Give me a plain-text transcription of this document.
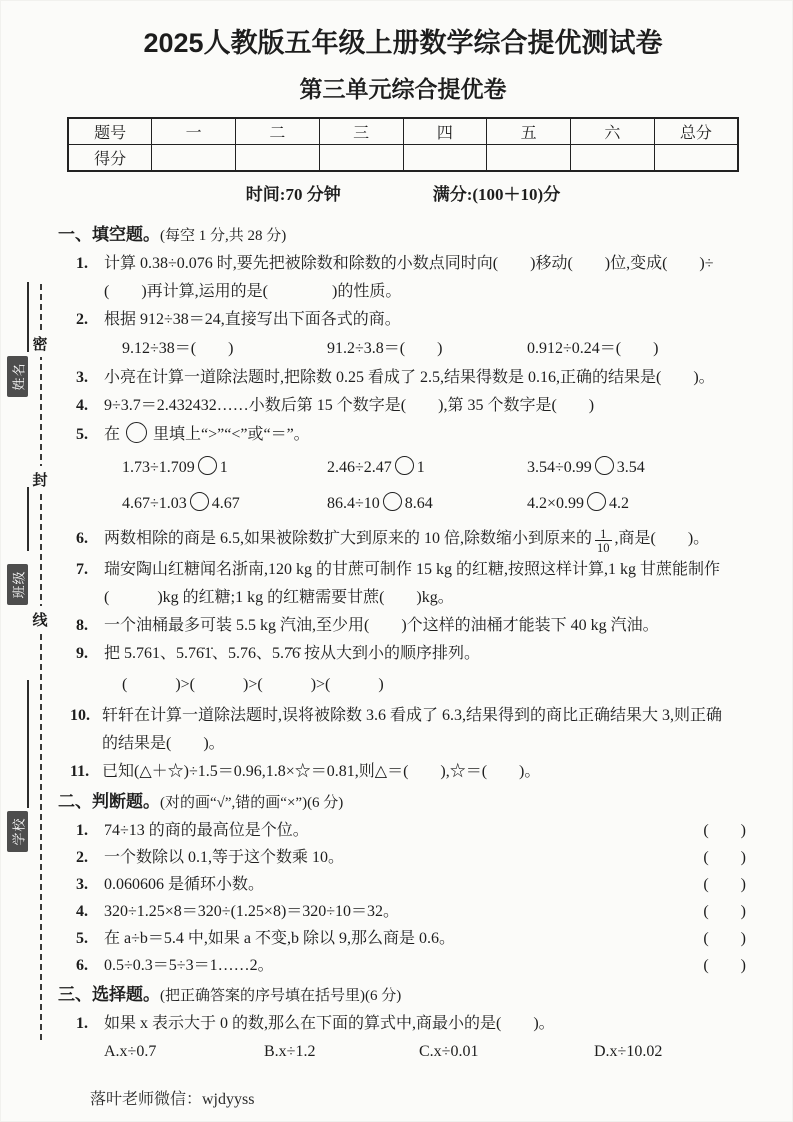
密
封
线
姓名
班级
学校
2025人教版五年级上册数学综合提优测试卷
第三单元综合提优卷
题号	一	二	三	四	五	六	总分
得分							
时间:70 分钟	满分:(100＋10)分
一、填空题。(每空 1 分,共 28 分)
1.	计算 0.38÷0.076 时,要先把被除数和除数的小数点同时向(　　)移动(　　)位,变成(　　)÷
(　　)再计算,运用的是(　　　　)的性质。
2.	根据 912÷38＝24,直接写出下面各式的商。
9.12÷38＝(　　)	91.2÷3.8＝(　　)	0.912÷0.24＝(　　)
3.	小亮在计算一道除法题时,把除数 0.25 看成了 2.5,结果得数是 0.16,正确的结果是(　　)。
4.	9÷3.7＝2.432432……小数后第 15 个数字是(　　),第 35 个数字是(　　)
5.	在 里填上“>”“<”或“＝”。
1.73÷1.709 1	2.46÷2.47 1	3.54÷0.99 3.54
4.67÷1.03 4.67	86.4÷10 8.64	4.2×0.99 4.2
6.	两数相除的商是 6.5,如果被除数扩大到原来的 10 倍,除数缩小到原来的 $\frac{1}{10}$ ,商是(　　)。
7.	瑞安陶山红糖闻名浙南,120 kg 的甘蔗可制作 15 kg 的红糖,按照这样计算,1 kg 甘蔗能制作
(　　　)kg 的红糖;1 kg 的红糖需要甘蔗(　　)kg。
8.	一个油桶最多可装 5.5 kg 汽油,至少用(　　)个这样的油桶才能装下 40 kg 汽油。
9.	把 5.761、5.76̇1̇、5.76、5.7̇6̇ 按从大到小的顺序排列。
(　　　)>(　　　)>(　　　)>(　　　)
10. 轩轩在计算一道除法题时,误将被除数 3.6 看成了 6.3,结果得到的商比正确结果大 3,则正确
的结果是(　　)。
11. 已知(△＋☆)÷1.5＝0.96,1.8×☆＝0.81,则△＝(　　),☆＝(　　)。
二、判断题。(对的画“√”,错的画“×”)(6 分)
1.	74÷13 的商的最高位是个位。	(　　)
2.	一个数除以 0.1,等于这个数乘 10。	(　　)
3.	0.060606 是循环小数。	(　　)
4.	320÷1.25×8＝320÷(1.25×8)＝320÷10＝32。	(　　)
5.	在 a÷b＝5.4 中,如果 a 不变,b 除以 9,那么商是 0.6。	(　　)
6.	0.5÷0.3＝5÷3＝1……2。	(　　)
三、选择题。(把正确答案的序号填在括号里)(6 分)
1.	如果 x 表示大于 0 的数,那么在下面的算式中,商最小的是(　　)。
A.x÷0.7	B.x÷1.2	C.x÷0.01	D.x÷10.02
落叶老师微信：wjdyyss
